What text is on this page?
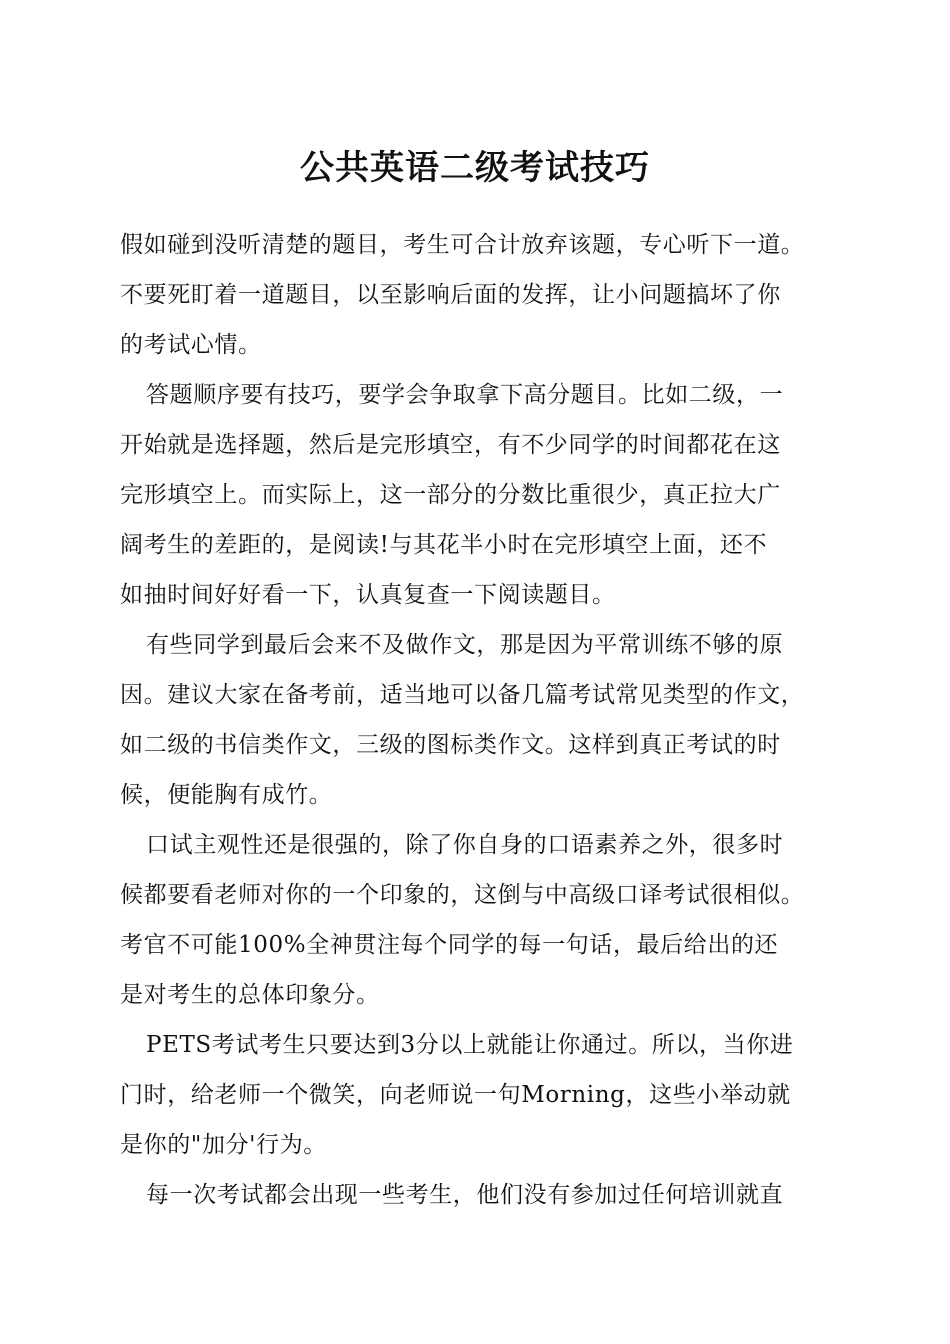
公共英语二级考试技巧
假如碰到没听清楚的题目，考生可合计放弃该题，专心听下一道。
不要死盯着一道题目，以至影响后面的发挥，让小问题搞坏了你
的考试心情。
答题顺序要有技巧，要学会争取拿下高分题目。比如二级，一
开始就是选择题，然后是完形填空，有不少同学的时间都花在这
完形填空上。而实际上，这一部分的分数比重很少，真正拉大广
阔考生的差距的，是阅读!与其花半小时在完形填空上面，还不
如抽时间好好看一下，认真复查一下阅读题目。
有些同学到最后会来不及做作文，那是因为平常训练不够的原
因。建议大家在备考前，适当地可以备几篇考试常见类型的作文，
如二级的书信类作文，三级的图标类作文。这样到真正考试的时
候，便能胸有成竹。
口试主观性还是很强的，除了你自身的口语素养之外，很多时
候都要看老师对你的一个印象的，这倒与中高级口译考试很相似。
考官不可能100%全神贯注每个同学的每一句话，最后给出的还
是对考生的总体印象分。
PETS考试考生只要达到3分以上就能让你通过。所以，当你进
门时，给老师一个微笑，向老师说一句Morning，这些小举动就
是你的"加分'行为。
每一次考试都会出现一些考生，他们没有参加过任何培训就直
